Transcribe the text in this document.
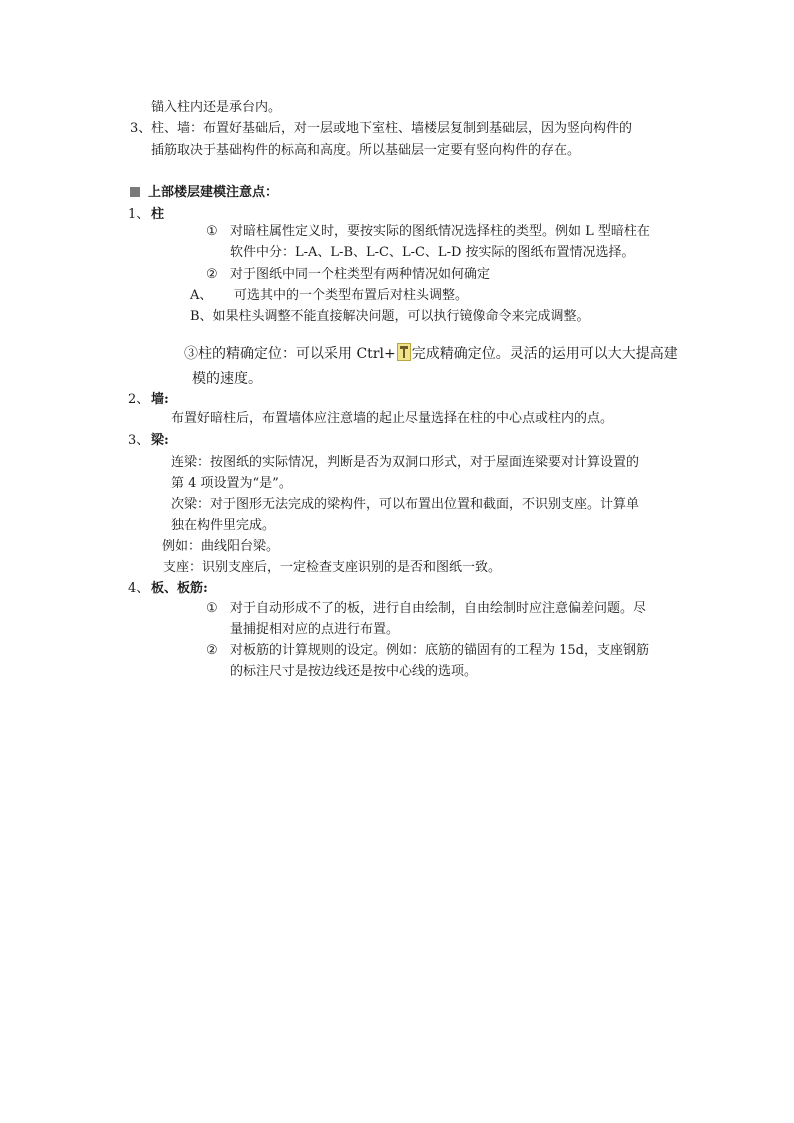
锚入柱内还是承台内。
3、 柱、墙：布置好基础后，对一层或地下室柱、墙楼层复制到基础层，因为竖向构件的
插筋取决于基础构件的标高和高度。所以基础层一定要有竖向构件的存在。
上部楼层建模注意点：
1、 柱
① 对暗柱属性定义时，要按实际的图纸情况选择柱的类型。例如 L 型暗柱在
软件中分：L-A、L-B、L-C、L-C、L-D 按实际的图纸布置情况选择。
② 对于图纸中同一个柱类型有两种情况如何确定
A、 可选其中的一个类型布置后对柱头调整。
B、如果柱头调整不能直接解决问题，可以执行镜像命令来完成调整。
③柱的精确定位：可以采用 Ctrl+ 完成精确定位。灵活的运用可以大大提高建
模的速度。
2、 墙:
布置好暗柱后，布置墙体应注意墙的起止尽量选择在柱的中心点或柱内的点。
3、 梁:
连梁：按图纸的实际情况，判断是否为双洞口形式，对于屋面连梁要对计算设置的
第 4 项设置为“是”。
次梁：对于图形无法完成的梁构件，可以布置出位置和截面，不识别支座。计算单
独在构件里完成。
例如：曲线阳台梁。
支座：识别支座后，一定检查支座识别的是否和图纸一致。
4、 板、板筋:
① 对于自动形成不了的板，进行自由绘制，自由绘制时应注意偏差问题。尽
量捕捉相对应的点进行布置。
② 对板筋的计算规则的设定。例如：底筋的锚固有的工程为 15d，支座钢筋
的标注尺寸是按边线还是按中心线的选项。
